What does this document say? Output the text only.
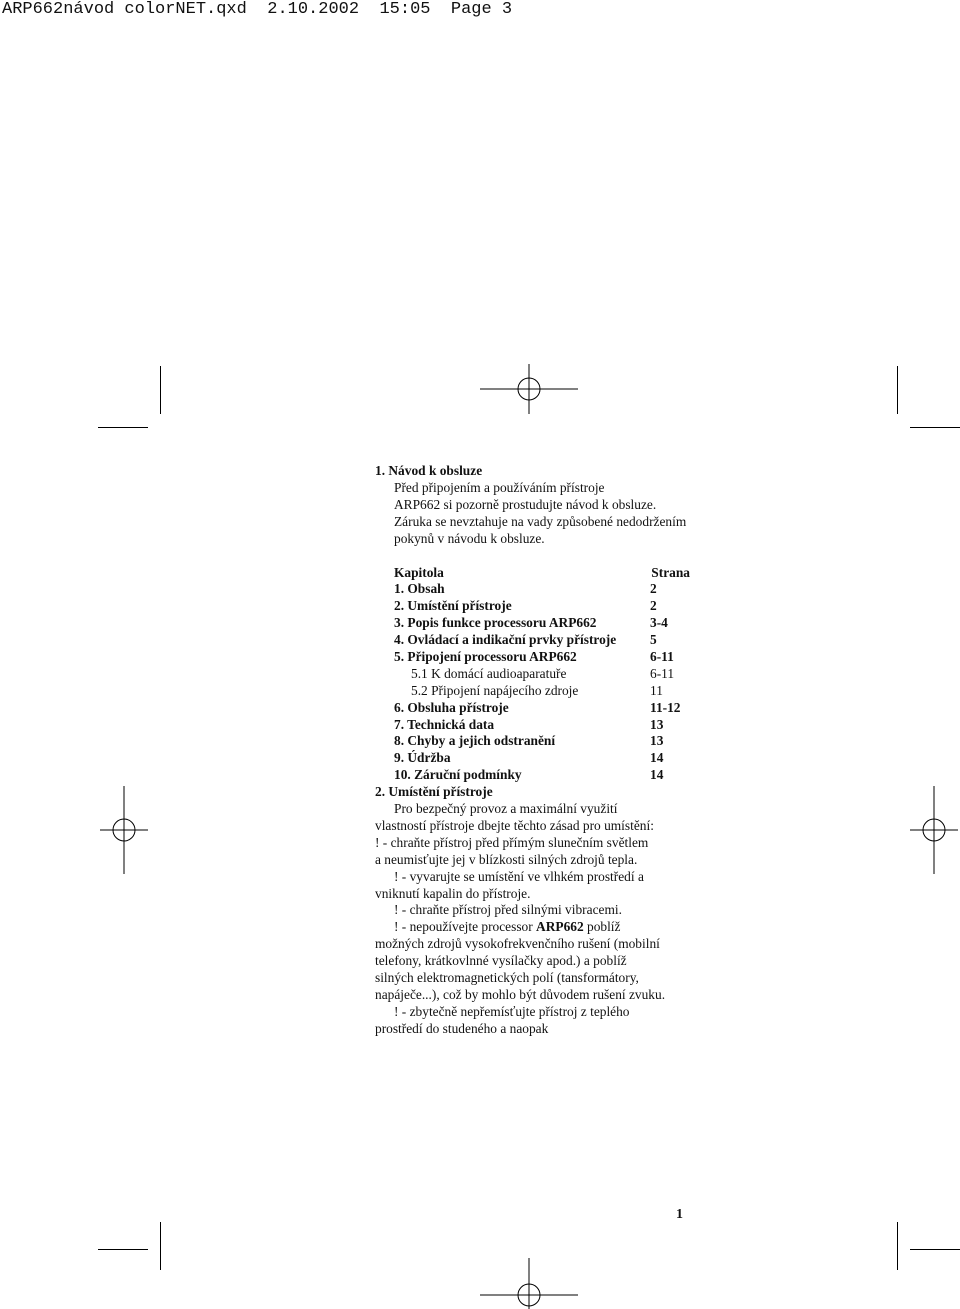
ARP662návod colorNET.qxd  2.10.2002  15:05  Page 3
1. Návod k obsluze
Před připojením a používáním přístroje
ARP662 si pozorně prostudujte návod k obsluze.
Záruka se nevztahuje na vady způsobené nedodržením
pokynů v návodu k obsluze.
Kapitola	Strana
1. Obsah	2
2. Umístění přístroje	2
3. Popis funkce processoru ARP662	3-4
4. Ovládací a indikační prvky přístroje	5
5. Připojení processoru ARP662	6-11
5.1 K domácí audioaparatuře	6-11
5.2 Připojení napájecího zdroje	11
6. Obsluha přístroje	11-12
7. Technická data	13
8. Chyby a jejich odstranění	13
9. Údržba	14
10. Záruční podmínky	14
2. Umístění přístroje
Pro bezpečný provoz a maximální využití
vlastností přístroje dbejte těchto zásad pro umístění:
! - chraňte přístroj před přímým slunečním světlem
a neumisťujte jej v blízkosti silných zdrojů tepla.
! - vyvarujte se umístění ve vlhkém prostředí a
vniknutí kapalin do přístroje.
! - chraňte přístroj před silnými vibracemi.
! - nepoužívejte processor ARP662 poblíž
možných zdrojů vysokofrekvenčního rušení (mobilní
telefony, krátkovlnné vysílačky apod.) a poblíž
silných elektromagnetických polí (tansformátory,
napáječe...), což by mohlo být důvodem rušení zvuku.
! - zbytečně nepřemísťujte přístroj z teplého
prostředí do studeného a naopak
1
